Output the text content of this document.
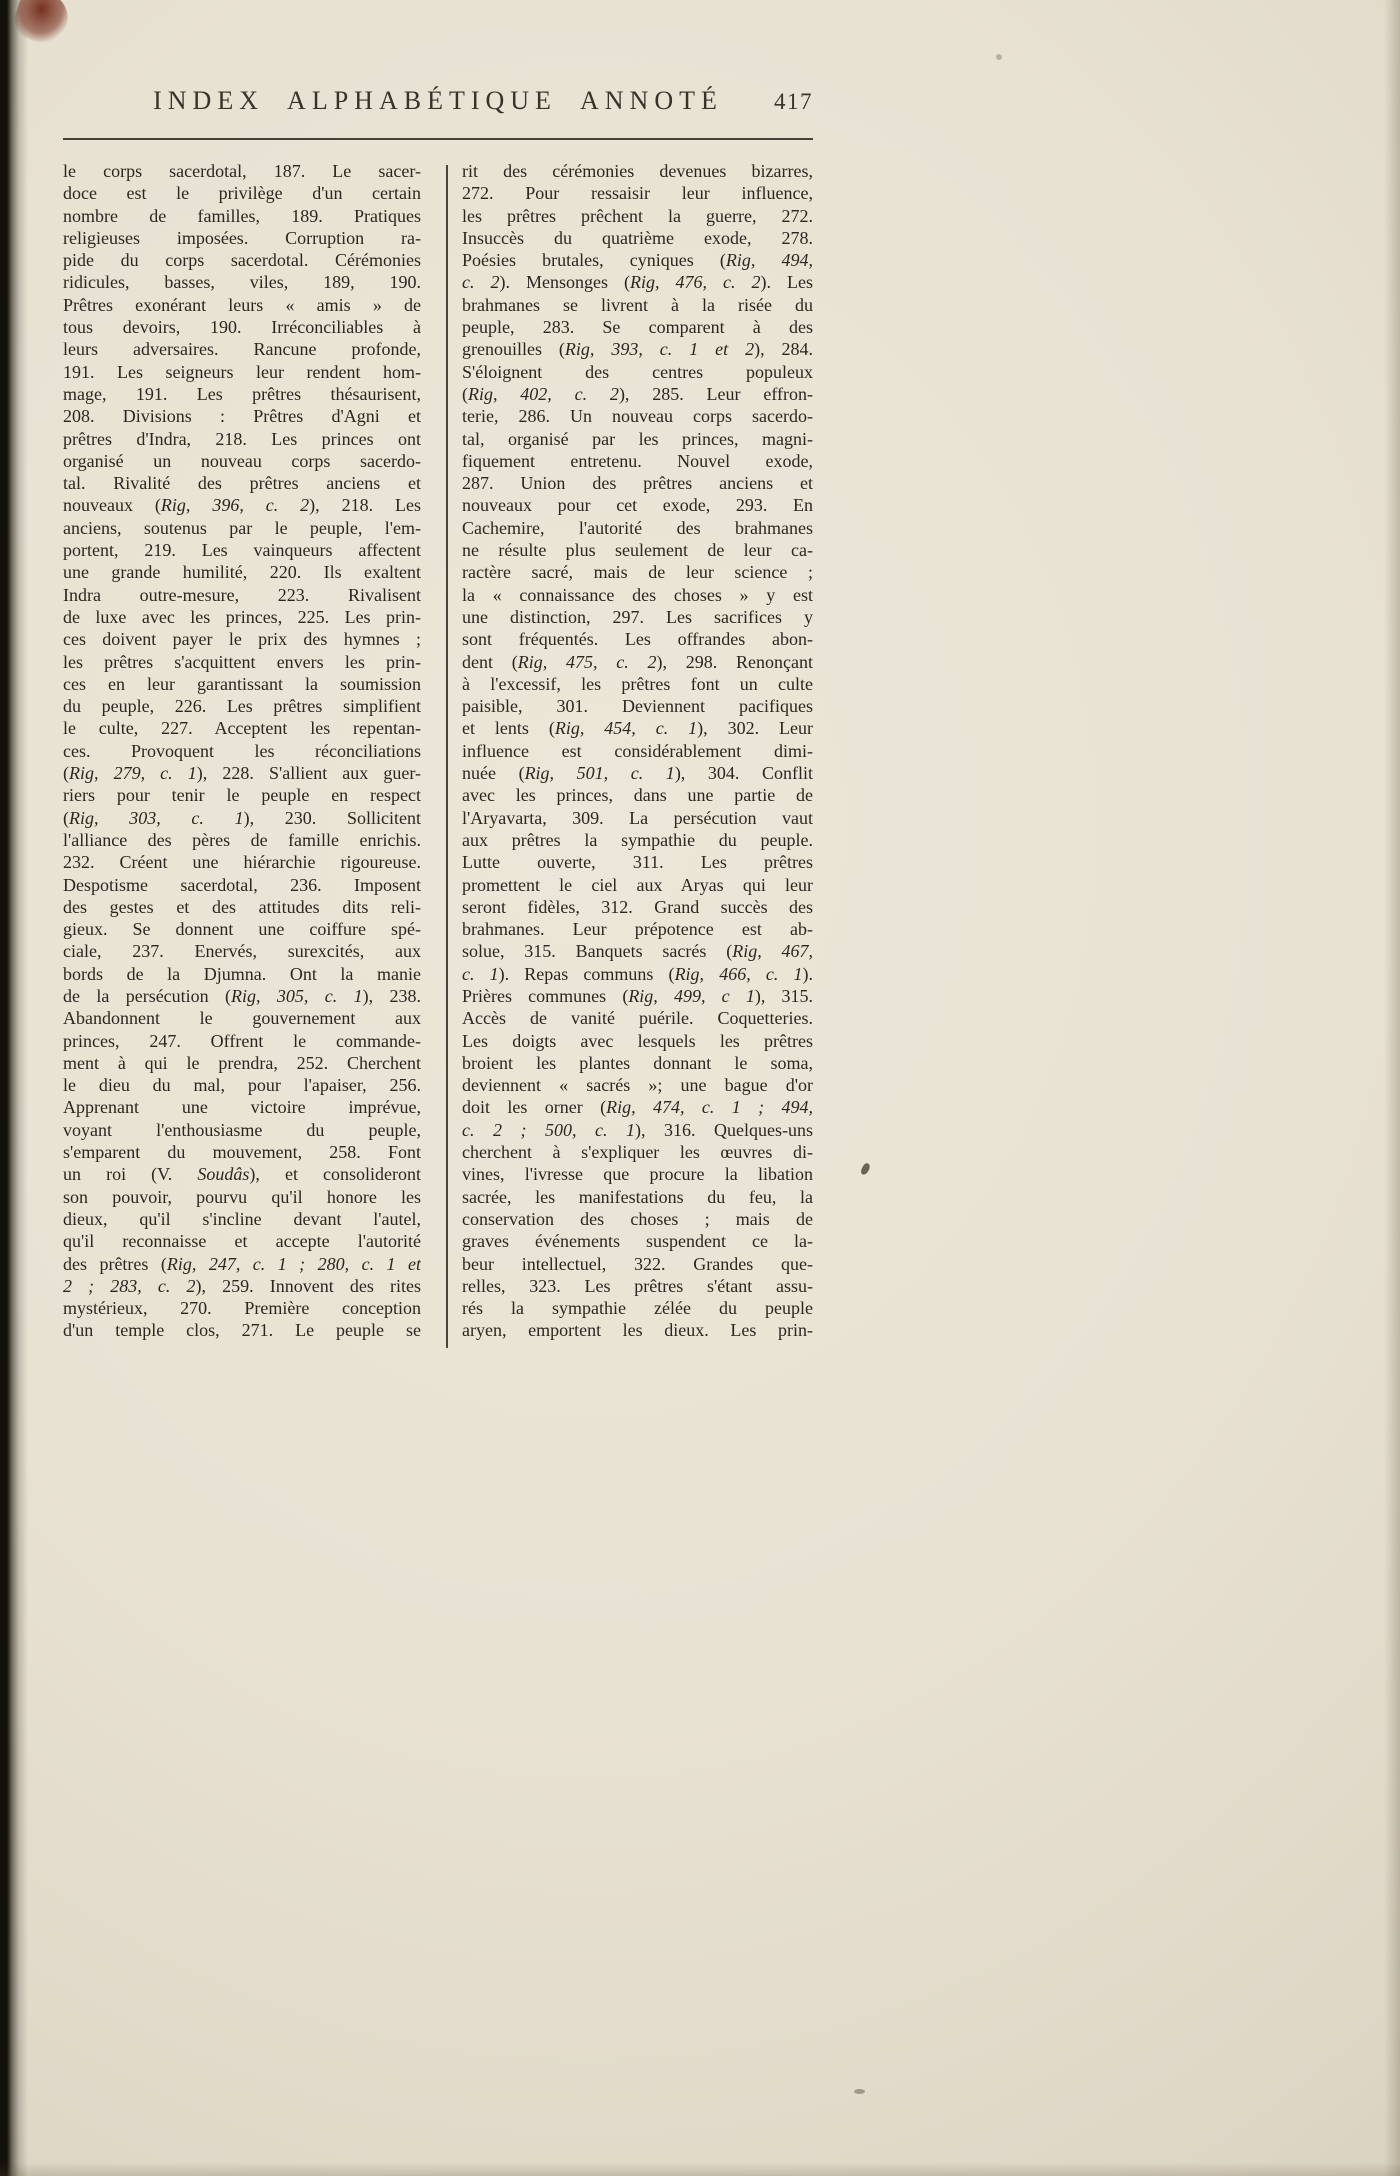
INDEX ALPHABÉTIQUE ANNOTÉ	417
le corps sacerdotal, 187. Le sacer-
doce est le privilège d'un certain
nombre de familles, 189. Pratiques
religieuses imposées. Corruption ra-
pide du corps sacerdotal. Cérémonies
ridicules, basses, viles, 189, 190.
Prêtres exonérant leurs « amis » de
tous devoirs, 190. Irréconciliables à
leurs adversaires. Rancune profonde,
191. Les seigneurs leur rendent hom-
mage, 191. Les prêtres thésaurisent,
208. Divisions : Prêtres d'Agni et
prêtres d'Indra, 218. Les princes ont
organisé un nouveau corps sacerdo-
tal. Rivalité des prêtres anciens et
nouveaux (Rig, 396, c. 2), 218. Les
anciens, soutenus par le peuple, l'em-
portent, 219. Les vainqueurs affectent
une grande humilité, 220. Ils exaltent
Indra outre-mesure, 223. Rivalisent
de luxe avec les princes, 225. Les prin-
ces doivent payer le prix des hymnes ;
les prêtres s'acquittent envers les prin-
ces en leur garantissant la soumission
du peuple, 226. Les prêtres simplifient
le culte, 227. Acceptent les repentan-
ces. Provoquent les réconciliations
(Rig, 279, c. 1), 228. S'allient aux guer-
riers pour tenir le peuple en respect
(Rig, 303, c. 1), 230. Sollicitent
l'alliance des pères de famille enrichis.
232. Créent une hiérarchie rigoureuse.
Despotisme sacerdotal, 236. Imposent
des gestes et des attitudes dits reli-
gieux. Se donnent une coiffure spé-
ciale, 237. Enervés, surexcités, aux
bords de la Djumna. Ont la manie
de la persécution (Rig, 305, c. 1), 238.
Abandonnent le gouvernement aux
princes, 247. Offrent le commande-
ment à qui le prendra, 252. Cherchent
le dieu du mal, pour l'apaiser, 256.
Apprenant une victoire imprévue,
voyant l'enthousiasme du peuple,
s'emparent du mouvement, 258. Font
un roi (V. Soudâs), et consolideront
son pouvoir, pourvu qu'il honore les
dieux, qu'il s'incline devant l'autel,
qu'il reconnaisse et accepte l'autorité
des prêtres (Rig, 247, c. 1 ; 280, c. 1 et
2 ; 283, c. 2), 259. Innovent des rites
mystérieux, 270. Première conception
d'un temple clos, 271. Le peuple se
rit des cérémonies devenues bizarres,
272. Pour ressaisir leur influence,
les prêtres prêchent la guerre, 272.
Insuccès du quatrième exode, 278.
Poésies brutales, cyniques (Rig, 494,
c. 2). Mensonges (Rig, 476, c. 2). Les
brahmanes se livrent à la risée du
peuple, 283. Se comparent à des
grenouilles (Rig, 393, c. 1 et 2), 284.
S'éloignent des centres populeux
(Rig, 402, c. 2), 285. Leur effron-
terie, 286. Un nouveau corps sacerdo-
tal, organisé par les princes, magni-
fiquement entretenu. Nouvel exode,
287. Union des prêtres anciens et
nouveaux pour cet exode, 293. En
Cachemire, l'autorité des brahmanes
ne résulte plus seulement de leur ca-
ractère sacré, mais de leur science ;
la « connaissance des choses » y est
une distinction, 297. Les sacrifices y
sont fréquentés. Les offrandes abon-
dent (Rig, 475, c. 2), 298. Renonçant
à l'excessif, les prêtres font un culte
paisible, 301. Deviennent pacifiques
et lents (Rig, 454, c. 1), 302. Leur
influence est considérablement dimi-
nuée (Rig, 501, c. 1), 304. Conflit
avec les princes, dans une partie de
l'Aryavarta, 309. La persécution vaut
aux prêtres la sympathie du peuple.
Lutte ouverte, 311. Les prêtres
promettent le ciel aux Aryas qui leur
seront fidèles, 312. Grand succès des
brahmanes. Leur prépotence est ab-
solue, 315. Banquets sacrés (Rig, 467,
c. 1). Repas communs (Rig, 466, c. 1).
Prières communes (Rig, 499, c 1), 315.
Accès de vanité puérile. Coquetteries.
Les doigts avec lesquels les prêtres
broient les plantes donnant le soma,
deviennent « sacrés »; une bague d'or
doit les orner (Rig, 474, c. 1 ; 494,
c. 2 ; 500, c. 1), 316. Quelques-uns
cherchent à s'expliquer les œuvres di-
vines, l'ivresse que procure la libation
sacrée, les manifestations du feu, la
conservation des choses ; mais de
graves événements suspendent ce la-
beur intellectuel, 322. Grandes que-
relles, 323. Les prêtres s'étant assu-
rés la sympathie zélée du peuple
aryen, emportent les dieux. Les prin-
